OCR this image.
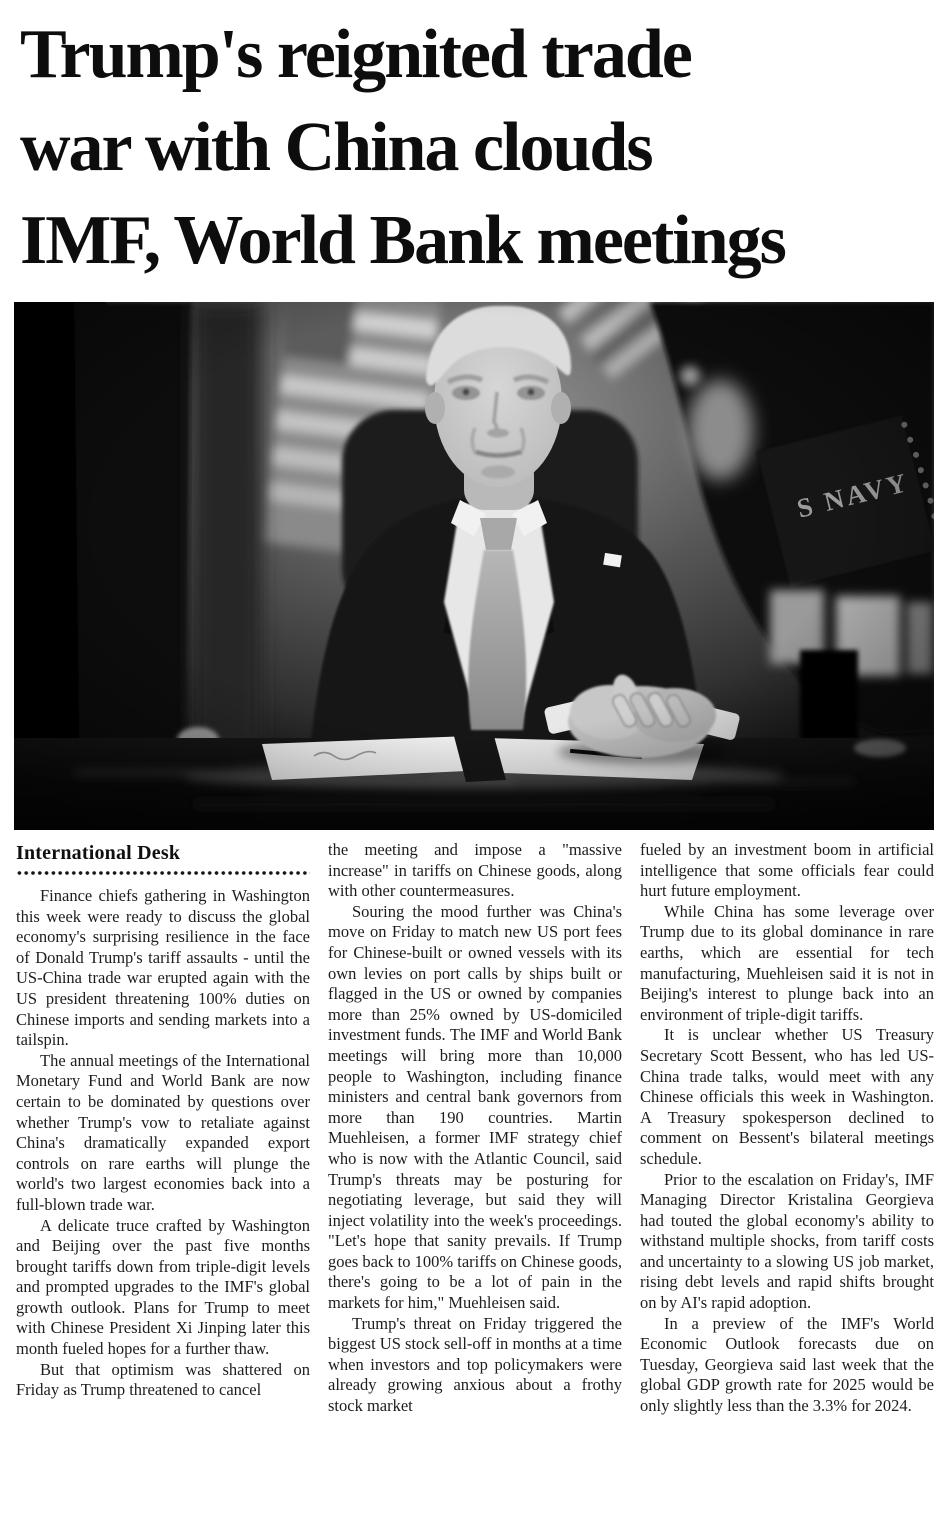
Trump's reignited trade
war with China clouds
IMF, World Bank meetings
International Desk

Finance chiefs gathering in Washington this week were ready to discuss the global economy's surprising resilience in the face of Donald Trump's tariff assaults - until the US-China trade war erupted again with the US president threatening 100% duties on Chinese imports and sending markets into a tailspin.

The annual meetings of the International Monetary Fund and World Bank are now certain to be dominated by questions over whether Trump's vow to retaliate against China's dramatically expanded export controls on rare earths will plunge the world's two largest economies back into a full-blown trade war.

A delicate truce crafted by Washington and Beijing over the past five months brought tariffs down from triple-digit levels and prompted upgrades to the IMF's global growth outlook. Plans for Trump to meet with Chinese President Xi Jinping later this month fueled hopes for a further thaw.

But that optimism was shattered on Friday as Trump threatened to cancel

the meeting and impose a "massive increase" in tariffs on Chinese goods, along with other countermeasures.

Souring the mood further was China's move on Friday to match new US port fees for Chinese-built or owned vessels with its own levies on port calls by ships built or flagged in the US or owned by companies more than 25% owned by US-domiciled investment funds. The IMF and World Bank meetings will bring more than 10,000 people to Washington, including finance ministers and central bank governors from more than 190 countries. Martin Muehleisen, a former IMF strategy chief who is now with the Atlantic Council, said Trump's threats may be posturing for negotiating leverage, but said they will inject volatility into the week's proceedings. "Let's hope that sanity prevails. If Trump goes back to 100% tariffs on Chinese goods, there's going to be a lot of pain in the markets for him," Muehleisen said.

Trump's threat on Friday triggered the biggest US stock sell-off in months at a time when investors and top policymakers were already growing anxious about a frothy stock market

fueled by an investment boom in artificial intelligence that some officials fear could hurt future employment.

While China has some leverage over Trump due to its global dominance in rare earths, which are essential for tech manufacturing, Muehleisen said it is not in Beijing's interest to plunge back into an environment of triple-digit tariffs.

It is unclear whether US Treasury Secretary Scott Bessent, who has led US-China trade talks, would meet with any Chinese officials this week in Washington. A Treasury spokesperson declined to comment on Bessent's bilateral meetings schedule.

Prior to the escalation on Friday's, IMF Managing Director Kristalina Georgieva had touted the global economy's ability to withstand multiple shocks, from tariff costs and uncertainty to a slowing US job market, rising debt levels and rapid shifts brought on by AI's rapid adoption.

In a preview of the IMF's World Economic Outlook forecasts due on Tuesday, Georgieva said last week that the global GDP growth rate for 2025 would be only slightly less than the 3.3% for 2024.
